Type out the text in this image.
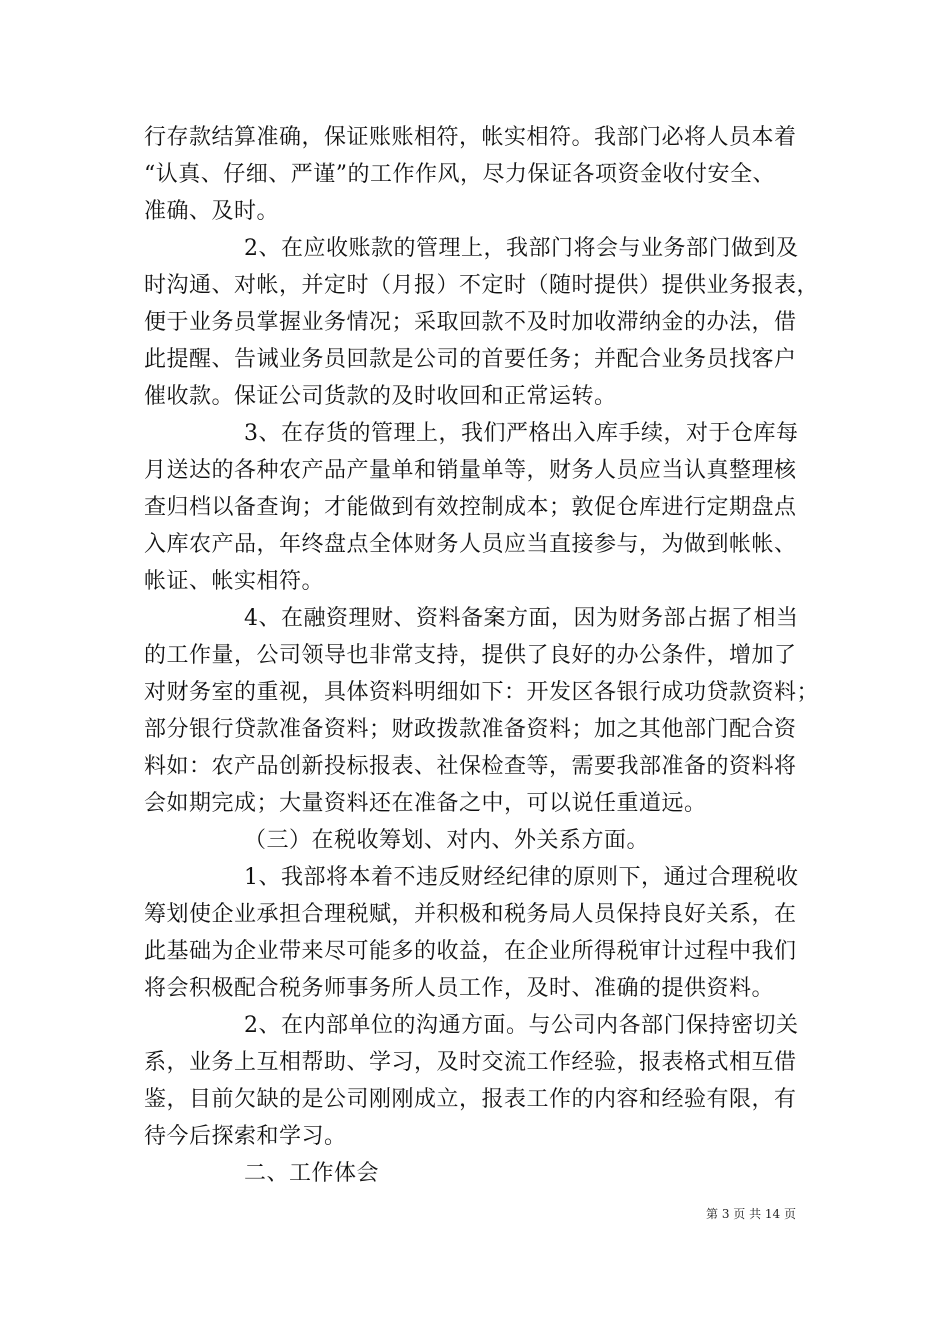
行存款结算准确，保证账账相符，帐实相符。我部门必将人员本着
“认真、仔细、严谨”的工作作风，尽力保证各项资金收付安全、
准确、及时。
2、在应收账款的管理上，我部门将会与业务部门做到及
时沟通、对帐，并定时（月报）不定时（随时提供）提供业务报表，
便于业务员掌握业务情况；采取回款不及时加收滞纳金的办法，借
此提醒、告诫业务员回款是公司的首要任务；并配合业务员找客户
催收款。保证公司货款的及时收回和正常运转。
3、在存货的管理上，我们严格出入库手续，对于仓库每
月送达的各种农产品产量单和销量单等，财务人员应当认真整理核
查归档以备查询；才能做到有效控制成本；敦促仓库进行定期盘点
入库农产品，年终盘点全体财务人员应当直接参与，为做到帐帐、
帐证、帐实相符。
4、在融资理财、资料备案方面，因为财务部占据了相当
的工作量，公司领导也非常支持，提供了良好的办公条件，增加了
对财务室的重视，具体资料明细如下：开发区各银行成功贷款资料；
部分银行贷款准备资料；财政拨款准备资料；加之其他部门配合资
料如：农产品创新投标报表、社保检查等，需要我部准备的资料将
会如期完成；大量资料还在准备之中，可以说任重道远。
（三）在税收筹划、对内、外关系方面。
1、我部将本着不违反财经纪律的原则下，通过合理税收
筹划使企业承担合理税赋，并积极和税务局人员保持良好关系，在
此基础为企业带来尽可能多的收益，在企业所得税审计过程中我们
将会积极配合税务师事务所人员工作，及时、准确的提供资料。
2、在内部单位的沟通方面。与公司内各部门保持密切关
系，业务上互相帮助、学习，及时交流工作经验，报表格式相互借
鉴，目前欠缺的是公司刚刚成立，报表工作的内容和经验有限，有
待今后探索和学习。
二、工作体会
第 3 页 共 14 页
